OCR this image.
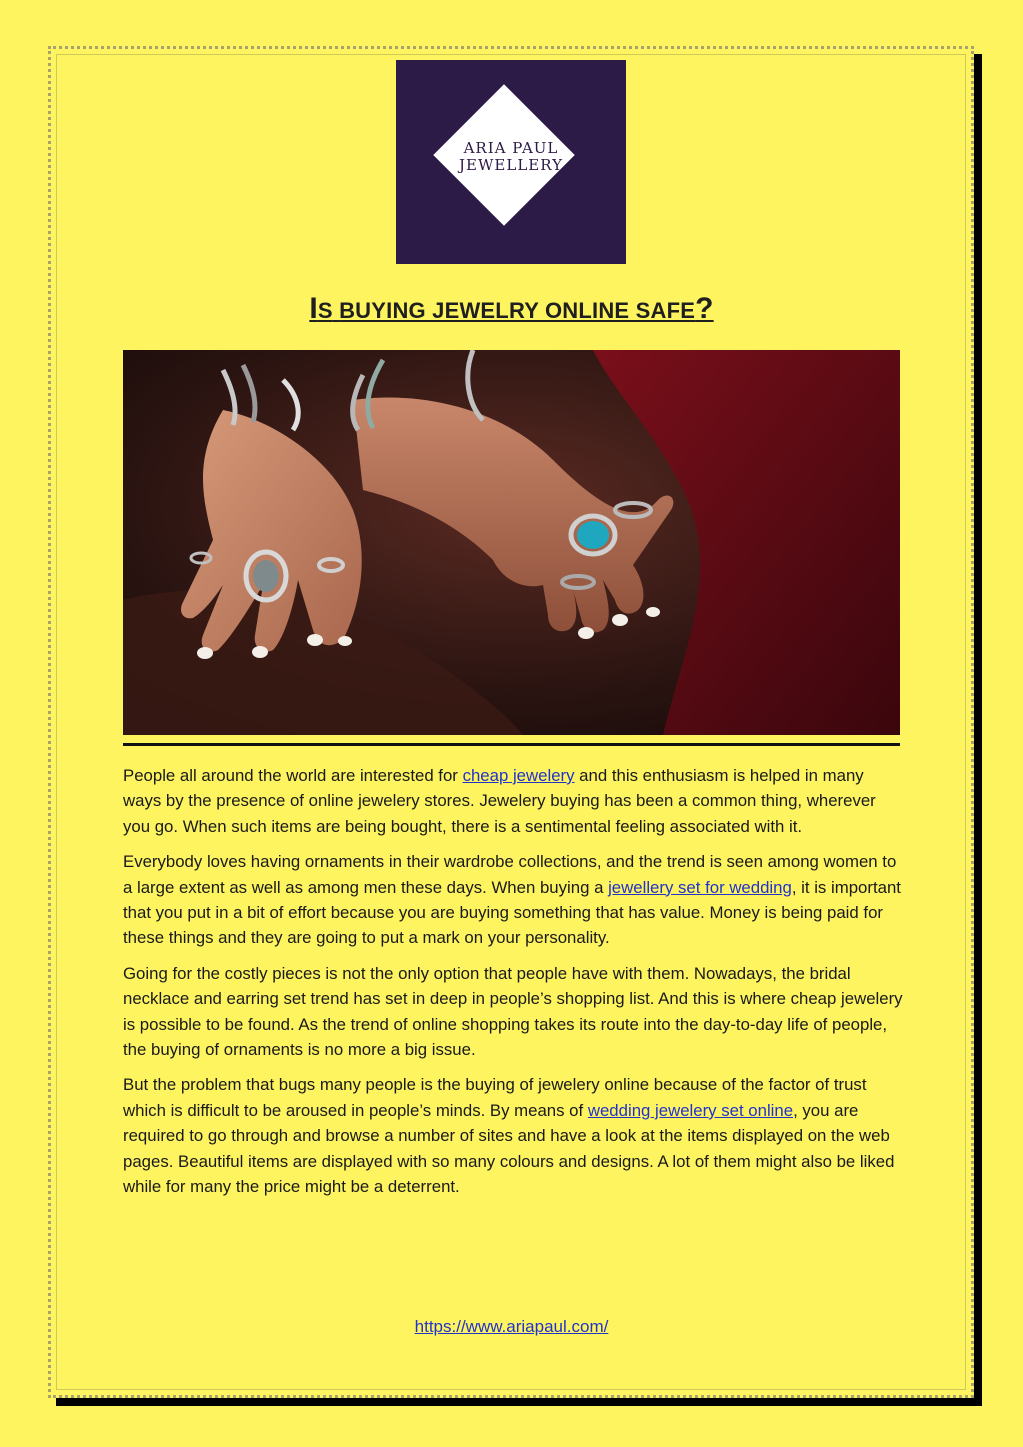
ARIA PAUL
JEWELLERY
IS BUYING JEWELRY ONLINE SAFE?

People all around the world are interested for cheap jewelery and this enthusiasm is helped in many ways by the presence of online jewelery stores. Jewelery buying has been a common thing, wherever you go. When such items are being bought, there is a sentimental feeling associated with it.

Everybody loves having ornaments in their wardrobe collections, and the trend is seen among women to a large extent as well as among men these days. When buying a jewellery set for wedding, it is important that you put in a bit of effort because you are buying something that has value. Money is being paid for these things and they are going to put a mark on your personality.

Going for the costly pieces is not the only option that people have with them. Nowadays, the bridal necklace and earring set trend has set in deep in people’s shopping list. And this is where cheap jewelery is possible to be found. As the trend of online shopping takes its route into the day-to-day life of people, the buying of ornaments is no more a big issue.

But the problem that bugs many people is the buying of jewelery online because of the factor of trust which is difficult to be aroused in people’s minds. By means of wedding jewelery set online, you are required to go through and browse a number of sites and have a look at the items displayed on the web pages. Beautiful items are displayed with so many colours and designs. A lot of them might also be liked while for many the price might be a deterrent.

https://www.ariapaul.com/
